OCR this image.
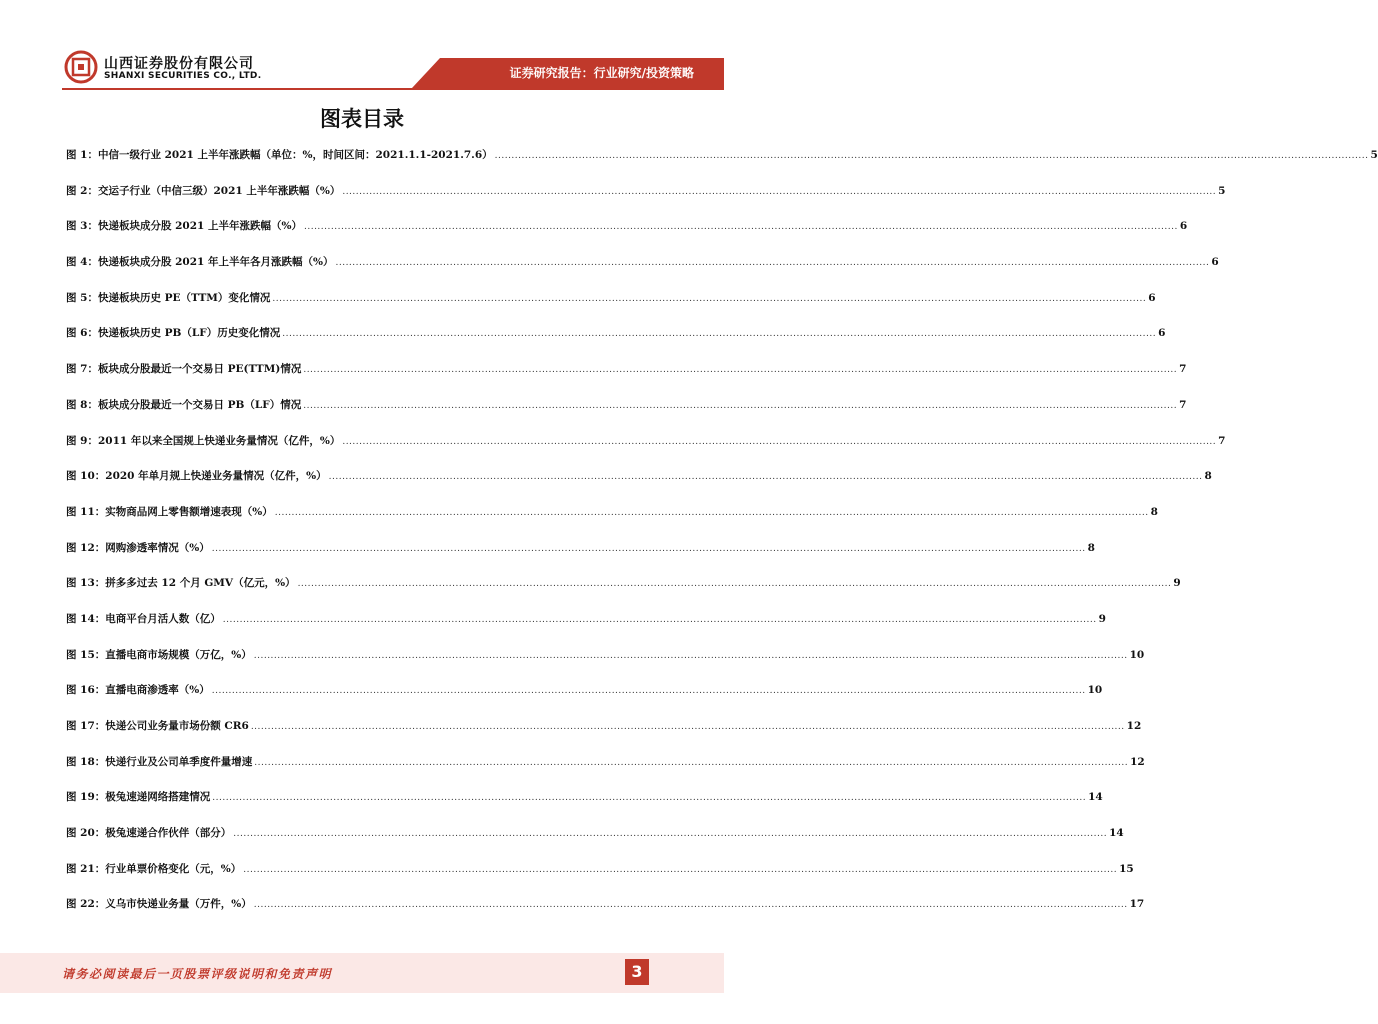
山西证券股份有限公司
SHANXI SECURITIES CO., LTD.	证券研究报告：行业研究/投资策略
图表目录
图 1：中信一级行业 2021 上半年涨跌幅（单位：%，时间区间：2021.1.1-2021.7.6） .................................................................................................................................................................................................................................................................... 5
图 2：交运子行业（中信三级）2021 上半年涨跌幅（%） .................................................................................................................................................................................................................................................................... 5
图 3：快递板块成分股 2021 上半年涨跌幅（%） .................................................................................................................................................................................................................................................................... 6
图 4：快递板块成分股 2021 年上半年各月涨跌幅（%） .................................................................................................................................................................................................................................................................... 6
图 5：快递板块历史 PE（TTM）变化情况 .................................................................................................................................................................................................................................................................... 6
图 6：快递板块历史 PB（LF）历史变化情况 .................................................................................................................................................................................................................................................................... 6
图 7：板块成分股最近一个交易日 PE(TTM)情况 .................................................................................................................................................................................................................................................................... 7
图 8：板块成分股最近一个交易日 PB（LF）情况 .................................................................................................................................................................................................................................................................... 7
图 9：2011 年以来全国规上快递业务量情况（亿件，%） .................................................................................................................................................................................................................................................................... 7
图 10：2020 年单月规上快递业务量情况（亿件，%） .................................................................................................................................................................................................................................................................... 8
图 11：实物商品网上零售额增速表现（%） .................................................................................................................................................................................................................................................................... 8
图 12：网购渗透率情况（%） .................................................................................................................................................................................................................................................................... 8
图 13：拼多多过去 12 个月 GMV（亿元，%） .................................................................................................................................................................................................................................................................... 9
图 14：电商平台月活人数（亿） .................................................................................................................................................................................................................................................................... 9
图 15：直播电商市场规模（万亿，%） .................................................................................................................................................................................................................................................................... 10
图 16：直播电商渗透率（%） .................................................................................................................................................................................................................................................................... 10
图 17：快递公司业务量市场份额 CR6 .................................................................................................................................................................................................................................................................... 12
图 18：快递行业及公司单季度件量增速 .................................................................................................................................................................................................................................................................... 12
图 19：极兔速递网络搭建情况 .................................................................................................................................................................................................................................................................... 14
图 20：极兔速递合作伙伴（部分） .................................................................................................................................................................................................................................................................... 14
图 21：行业单票价格变化（元，%） .................................................................................................................................................................................................................................................................... 15
图 22：义乌市快递业务量（万件，%） .................................................................................................................................................................................................................................................................... 17
请务必阅读最后一页股票评级说明和免责声明	3
